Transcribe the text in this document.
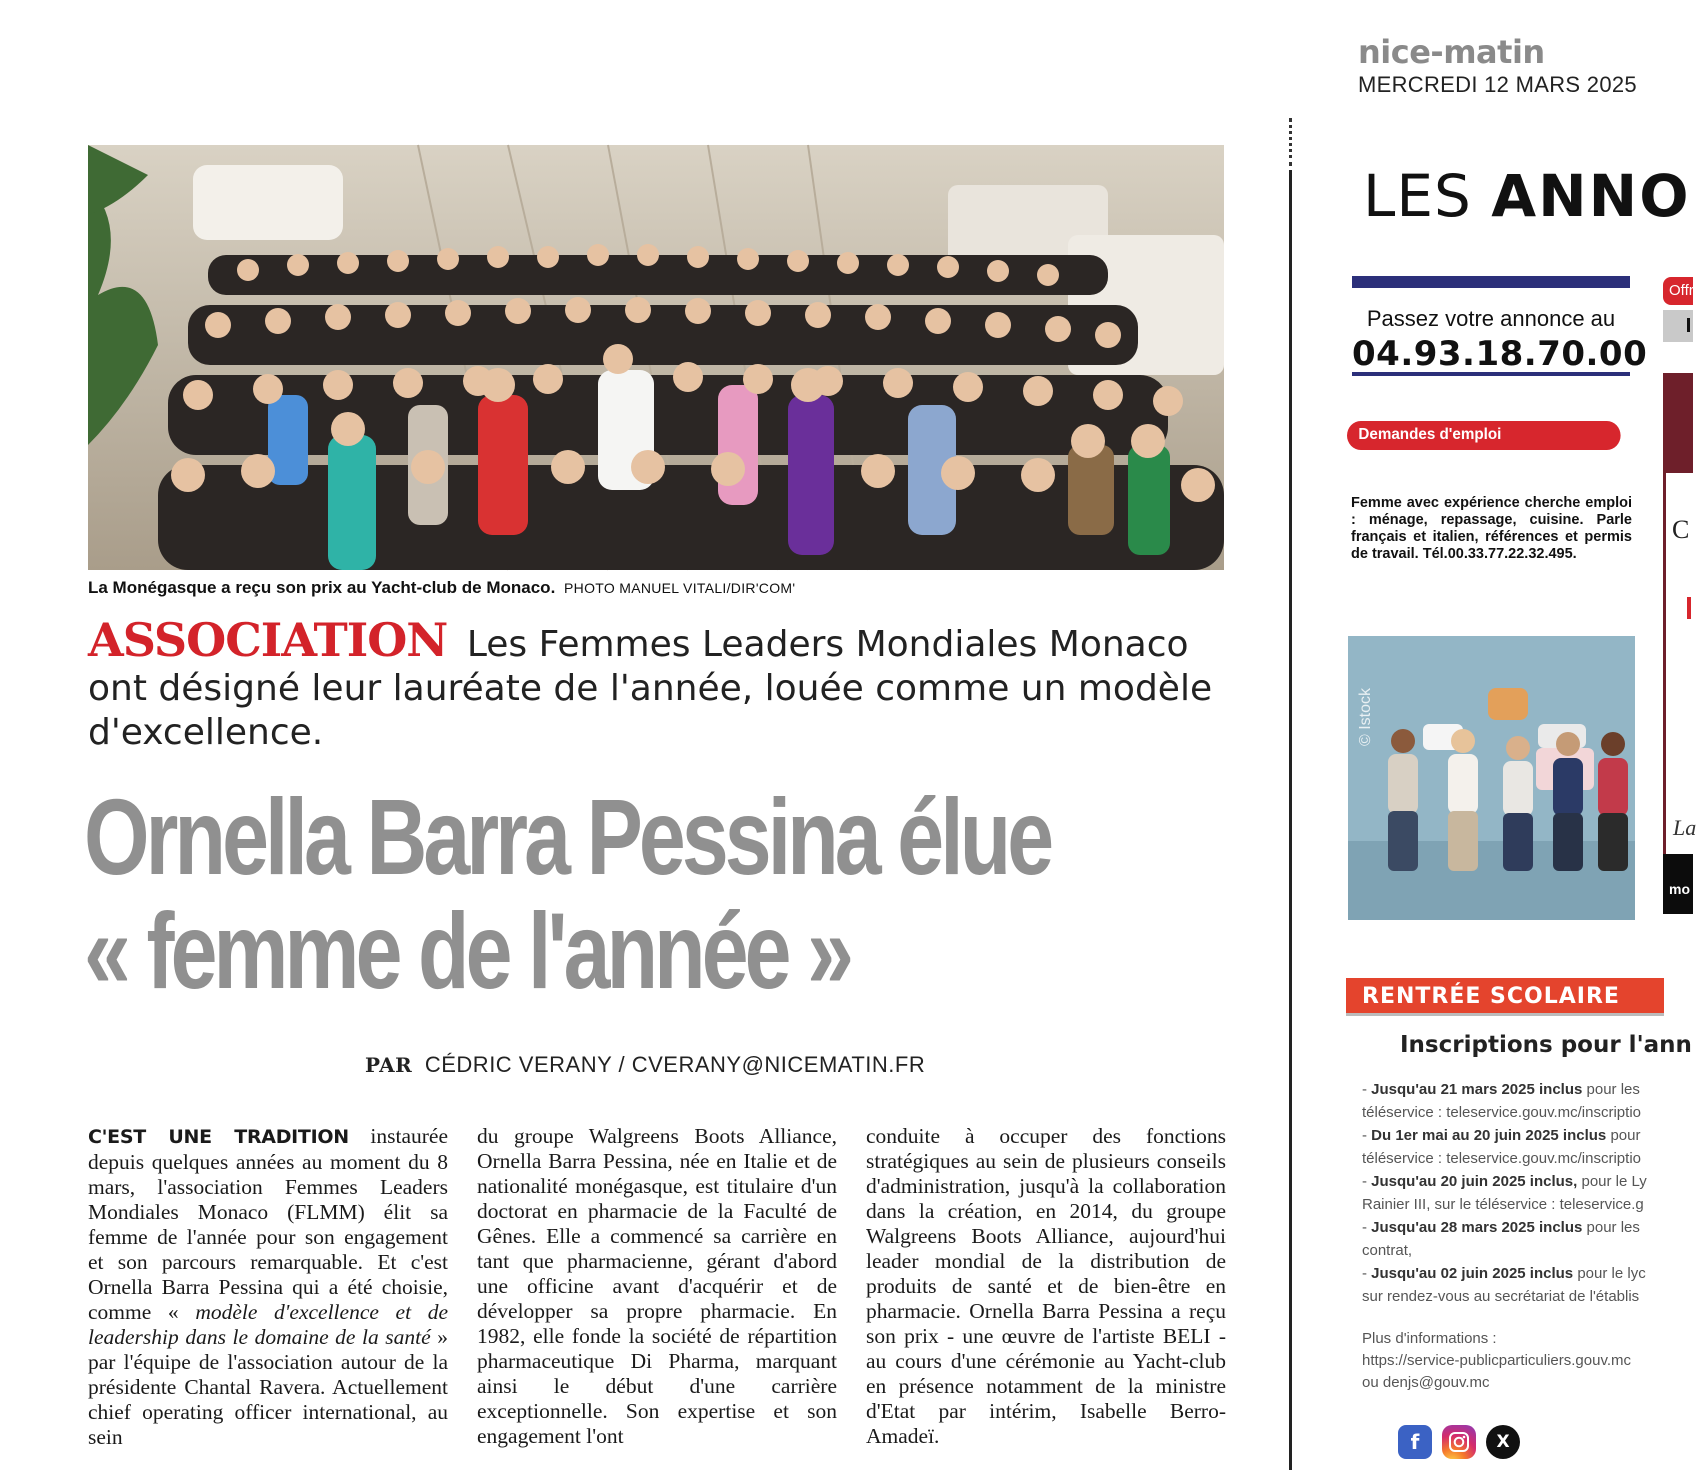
nice-matin
MERCREDI 12 MARS 2025
La Monégasque a reçu son prix au Yacht-club de Monaco. PHOTO MANUEL VITALI/DIR'COM'
ASSOCIATION Les Femmes Leaders Mondiales Monaco ont désigné leur lauréate de l'année, louée comme un modèle d'excellence.
Ornella Barra Pessina élue
« femme de l'année »
PAR CÉDRIC VERANY / CVERANY@NICEMATIN.FR
C'EST UNE TRADITION instaurée depuis quelques années au moment du 8 mars, l'association Femmes Leaders Mondiales Monaco (FLMM) élit sa femme de l'année pour son engagement et son parcours remarquable. Et c'est Ornella Barra Pessina qui a été choisie, comme « modèle d'excellence et de leadership dans le domaine de la santé » par l'équipe de l'association autour de la présidente Chantal Ravera. Actuellement chief operating officer international, au sein
du groupe Walgreens Boots Alliance, Ornella Barra Pessina, née en Italie et de nationalité monégasque, est titulaire d'un doctorat en pharmacie de la Faculté de Gênes. Elle a commencé sa carrière en tant que pharmacienne, gérant d'abord une officine avant d'acquérir et de développer sa propre pharmacie. En 1982, elle fonde la société de répartition pharmaceutique Di Pharma, marquant ainsi le début d'une carrière exceptionnelle. Son expertise et son engagement l'ont
conduite à occuper des fonctions stratégiques au sein de plusieurs conseils d'administration, jusqu'à la collaboration dans la création, en 2014, du groupe Walgreens Boots Alliance, aujourd'hui leader mondial de la distribution de produits de santé et de bien-être en pharmacie. Ornella Barra Pessina a reçu son prix - une œuvre de l'artiste BELI - au cours d'une cérémonie au Yacht-club en présence notamment de la ministre d'Etat par intérim, Isabelle Berro-Amadeï.
LES ANNO
Passez votre annonce au
04.93.18.70.00
Demandes d'emploi
Femme avec expérience cherche emploi : ménage, repassage, cuisine. Parle français et italien, références et permis de travail. Tél.00.33.77.22.32.495.
© Istock
Offr
C
La
mo
RENTRÉE SCOLAIRE
Inscriptions pour l'ann
- Jusqu'au 21 mars 2025 inclus pour les
téléservice : teleservice.gouv.mc/inscriptio
- Du 1er mai au 20 juin 2025 inclus pour
téléservice : teleservice.gouv.mc/inscriptio
- Jusqu'au 20 juin 2025 inclus, pour le Ly
Rainier III, sur le téléservice : teleservice.g
- Jusqu'au 28 mars 2025 inclus pour les
contrat,
- Jusqu'au 02 juin 2025 inclus pour le lyc
sur rendez-vous au secrétariat de l'établis
Plus d'informations :
https://service-publicparticuliers.gouv.mc
ou denjs@gouv.mc
f	X
